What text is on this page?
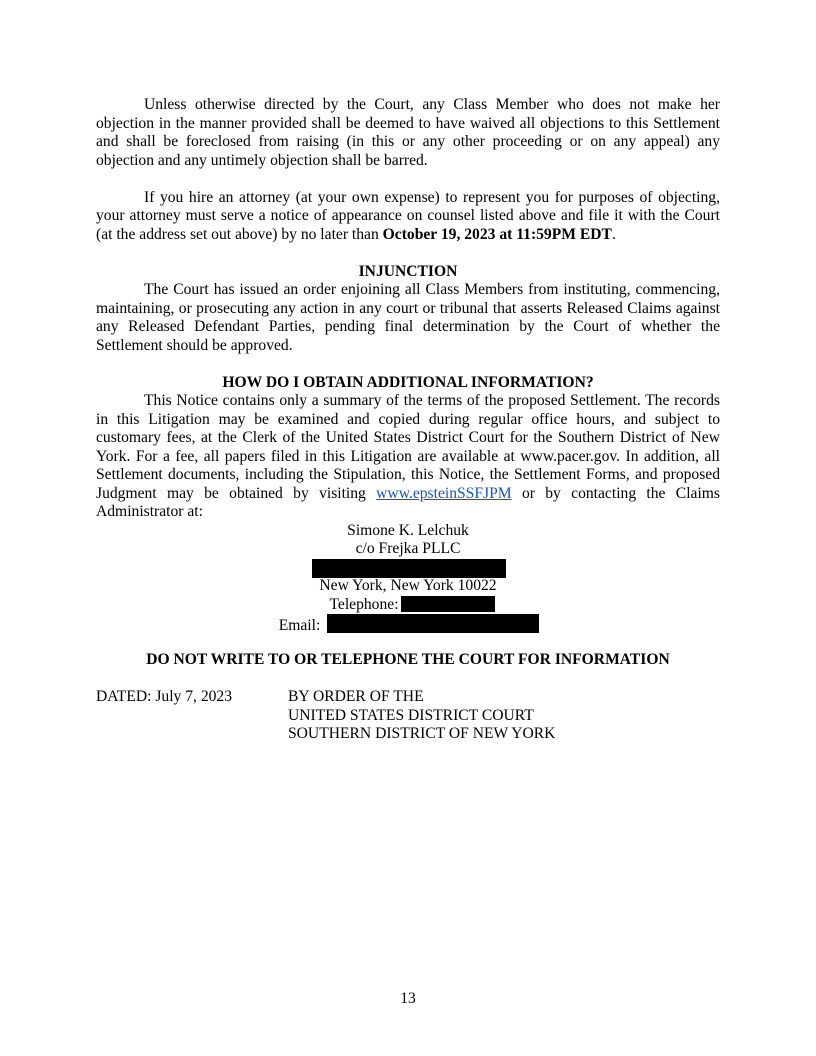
Unless otherwise directed by the Court, any Class Member who does not make her objection in the manner provided shall be deemed to have waived all objections to this Settlement and shall be foreclosed from raising (in this or any other proceeding or on any appeal) any objection and any untimely objection shall be barred.

If you hire an attorney (at your own expense) to represent you for purposes of objecting, your attorney must serve a notice of appearance on counsel listed above and file it with the Court (at the address set out above) by no later than October 19, 2023 at 11:59PM EDT.

INJUNCTION

The Court has issued an order enjoining all Class Members from instituting, commencing, maintaining, or prosecuting any action in any court or tribunal that asserts Released Claims against any Released Defendant Parties, pending final determination by the Court of whether the Settlement should be approved.

HOW DO I OBTAIN ADDITIONAL INFORMATION?

This Notice contains only a summary of the terms of the proposed Settlement. The records in this Litigation may be examined and copied during regular office hours, and subject to customary fees, at the Clerk of the United States District Court for the Southern District of New York. For a fee, all papers filed in this Litigation are available at www.pacer.gov. In addition, all Settlement documents, including the Stipulation, this Notice, the Settlement Forms, and proposed Judgment may be obtained by visiting www.epsteinSSFJPM or by contacting the Claims Administrator at:

Simone K. Lelchuk
c/o Frejka PLLC
New York, New York 10022
Telephone:
Email:

DO NOT WRITE TO OR TELEPHONE THE COURT FOR INFORMATION

DATED: July 7, 2023	BY ORDER OF THE
UNITED STATES DISTRICT COURT
SOUTHERN DISTRICT OF NEW YORK
13
